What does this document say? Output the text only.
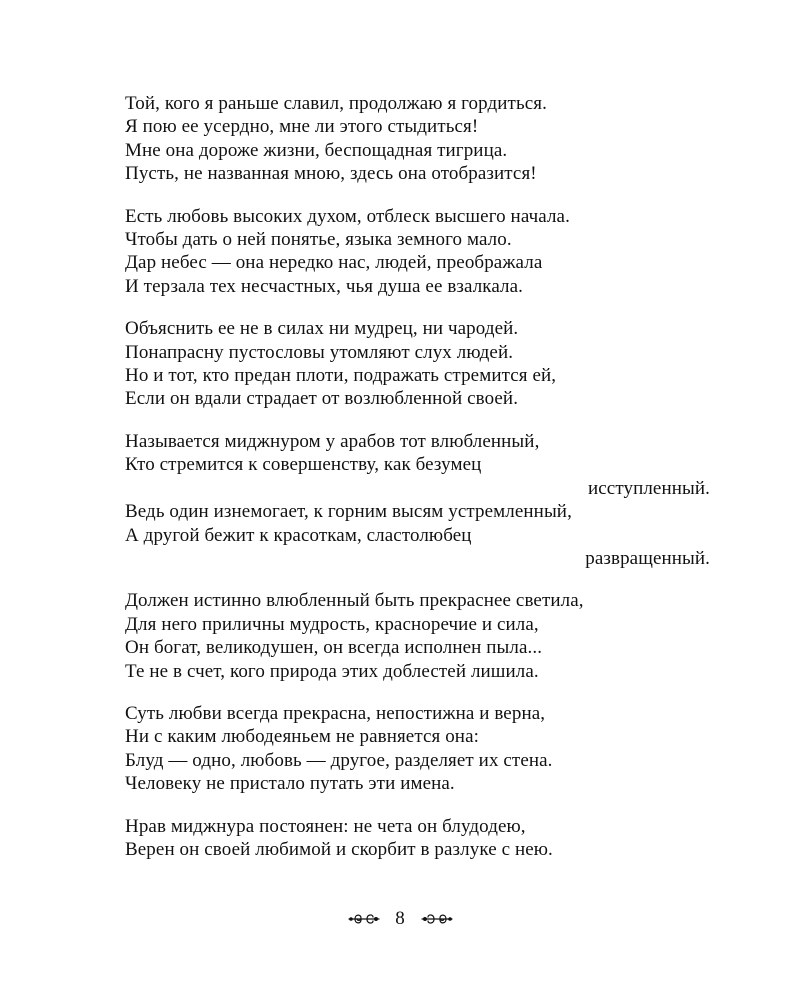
Той, кого я раньше славил, продолжаю я гордиться.
Я пою ее усердно, мне ли этого стыдиться!
Мне она дороже жизни, беспощадная тигрица.
Пусть, не названная мною, здесь она отобразится!
Есть любовь высоких духом, отблеск высшего начала.
Чтобы дать о ней понятье, языка земного мало.
Дар небес — она нередко нас, людей, преображала
И терзала тех несчастных, чья душа ее взалкала.
Объяснить ее не в силах ни мудрец, ни чародей.
Понапрасну пустословы утомляют слух людей.
Но и тот, кто предан плоти, подражать стремится ей,
Если он вдали страдает от возлюбленной своей.
Называется миджнуром у арабов тот влюбленный,
Кто стремится к совершенству, как безумец
исступленный.
Ведь один изнемогает, к горним высям устремленный,
А другой бежит к красоткам, сластолюбец
развращенный.
Должен истинно влюбленный быть прекраснее светила,
Для него приличны мудрость, красноречие и сила,
Он богат, великодушен, он всегда исполнен пыла...
Те не в счет, кого природа этих доблестей лишила.
Суть любви всегда прекрасна, непостижна и верна,
Ни с каким любодеяньем не равняется она:
Блуд — одно, любовь — другое, разделяет их стена.
Человеку не пристало путать эти имена.
Нрав миджнура постоянен: не чета он блудодею,
Верен он своей любимой и скорбит в разлуке с нею.
8
